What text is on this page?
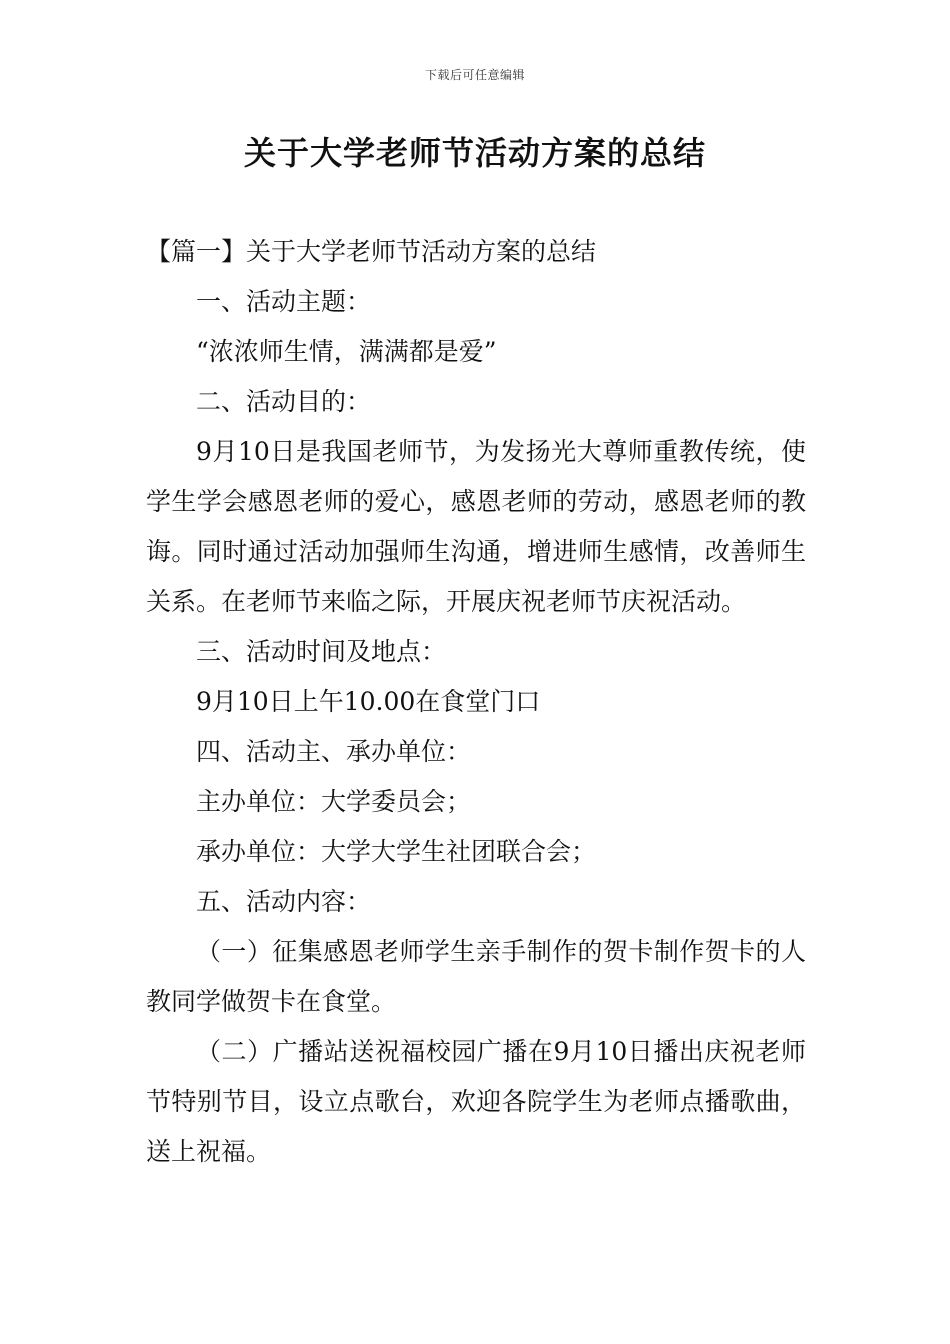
下载后可任意编辑
关于大学老师节活动方案的总结

【篇一】关于大学老师节活动方案的总结

一、活动主题：

“浓浓师生情，满满都是爱”

二、活动目的：

9月10日是我国老师节，为发扬光大尊师重教传统，使学生学会感恩老师的爱心，感恩老师的劳动，感恩老师的教诲。同时通过活动加强师生沟通，增进师生感情，改善师生关系。在老师节来临之际，开展庆祝老师节庆祝活动。

三、活动时间及地点：

9月10日上午10.00在食堂门口

四、活动主、承办单位：

主办单位：大学委员会；

承办单位：大学大学生社团联合会；

五、活动内容：

（一）征集感恩老师学生亲手制作的贺卡制作贺卡的人教同学做贺卡在食堂。

（二）广播站送祝福校园广播在9月10日播出庆祝老师节特别节目，设立点歌台，欢迎各院学生为老师点播歌曲，送上祝福。
